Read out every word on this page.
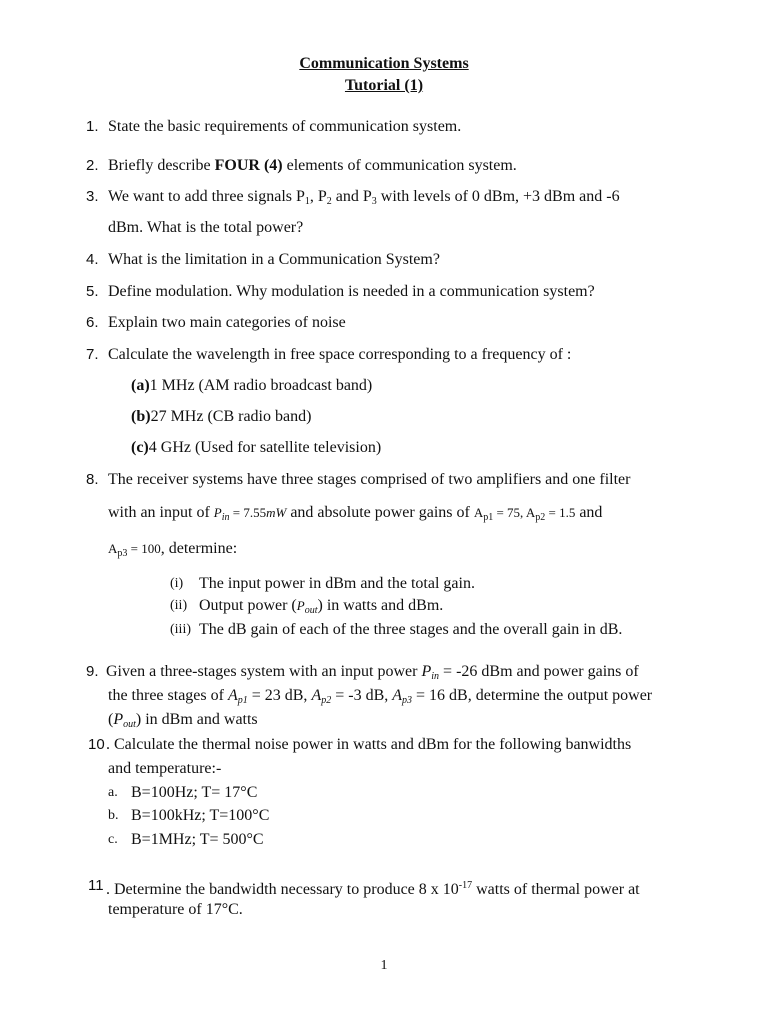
Communication Systems
Tutorial (1)
1. State the basic requirements of communication system.
2. Briefly describe FOUR (4) elements of communication system.
3. We want to add three signals $P_1$, $P_2$ and $P_3$ with levels of 0 dBm, +3 dBm and -6
dBm. What is the total power?
4. What is the limitation in a Communication System?
5. Define modulation. Why modulation is needed in a communication system?
6. Explain two main categories of noise
7. Calculate the wavelength in free space corresponding to a frequency of :
(a)1 MHz (AM radio broadcast band)
(b)27 MHz (CB radio band)
(c)4 GHz (Used for satellite television)
8. The receiver systems have three stages comprised of two amplifiers and one filter
with an input of $P_{in} = 7.55mW$ and absolute power gains of $A_{p1} = 75$, $A_{p2} = 1.5$ and
$A_{p3} = 100$, determine:
(i) The input power in dBm and the total gain.
(ii) Output power $(P_{out})$ in watts and dBm.
(iii) The dB gain of each of the three stages and the overall gain in dB.
9. Given a three-stages system with an input power $P_{in} = -26$ dBm and power gains of
the three stages of $A_{p1} = 23$ dB, $A_{p2} = -3$ dB, $A_{p3} = 16$ dB, determine the output power
$(P_{out})$ in dBm and watts
10 . Calculate the thermal noise power in watts and dBm for the following banwidths
and temperature:-
a. B=100Hz; T= 17°C
b. B=100kHz; T=100°C
c. B=1MHz; T= 500°C
11 . Determine the bandwidth necessary to produce 8 x $10^{-17}$ watts of thermal power at
temperature of 17°C.
1
